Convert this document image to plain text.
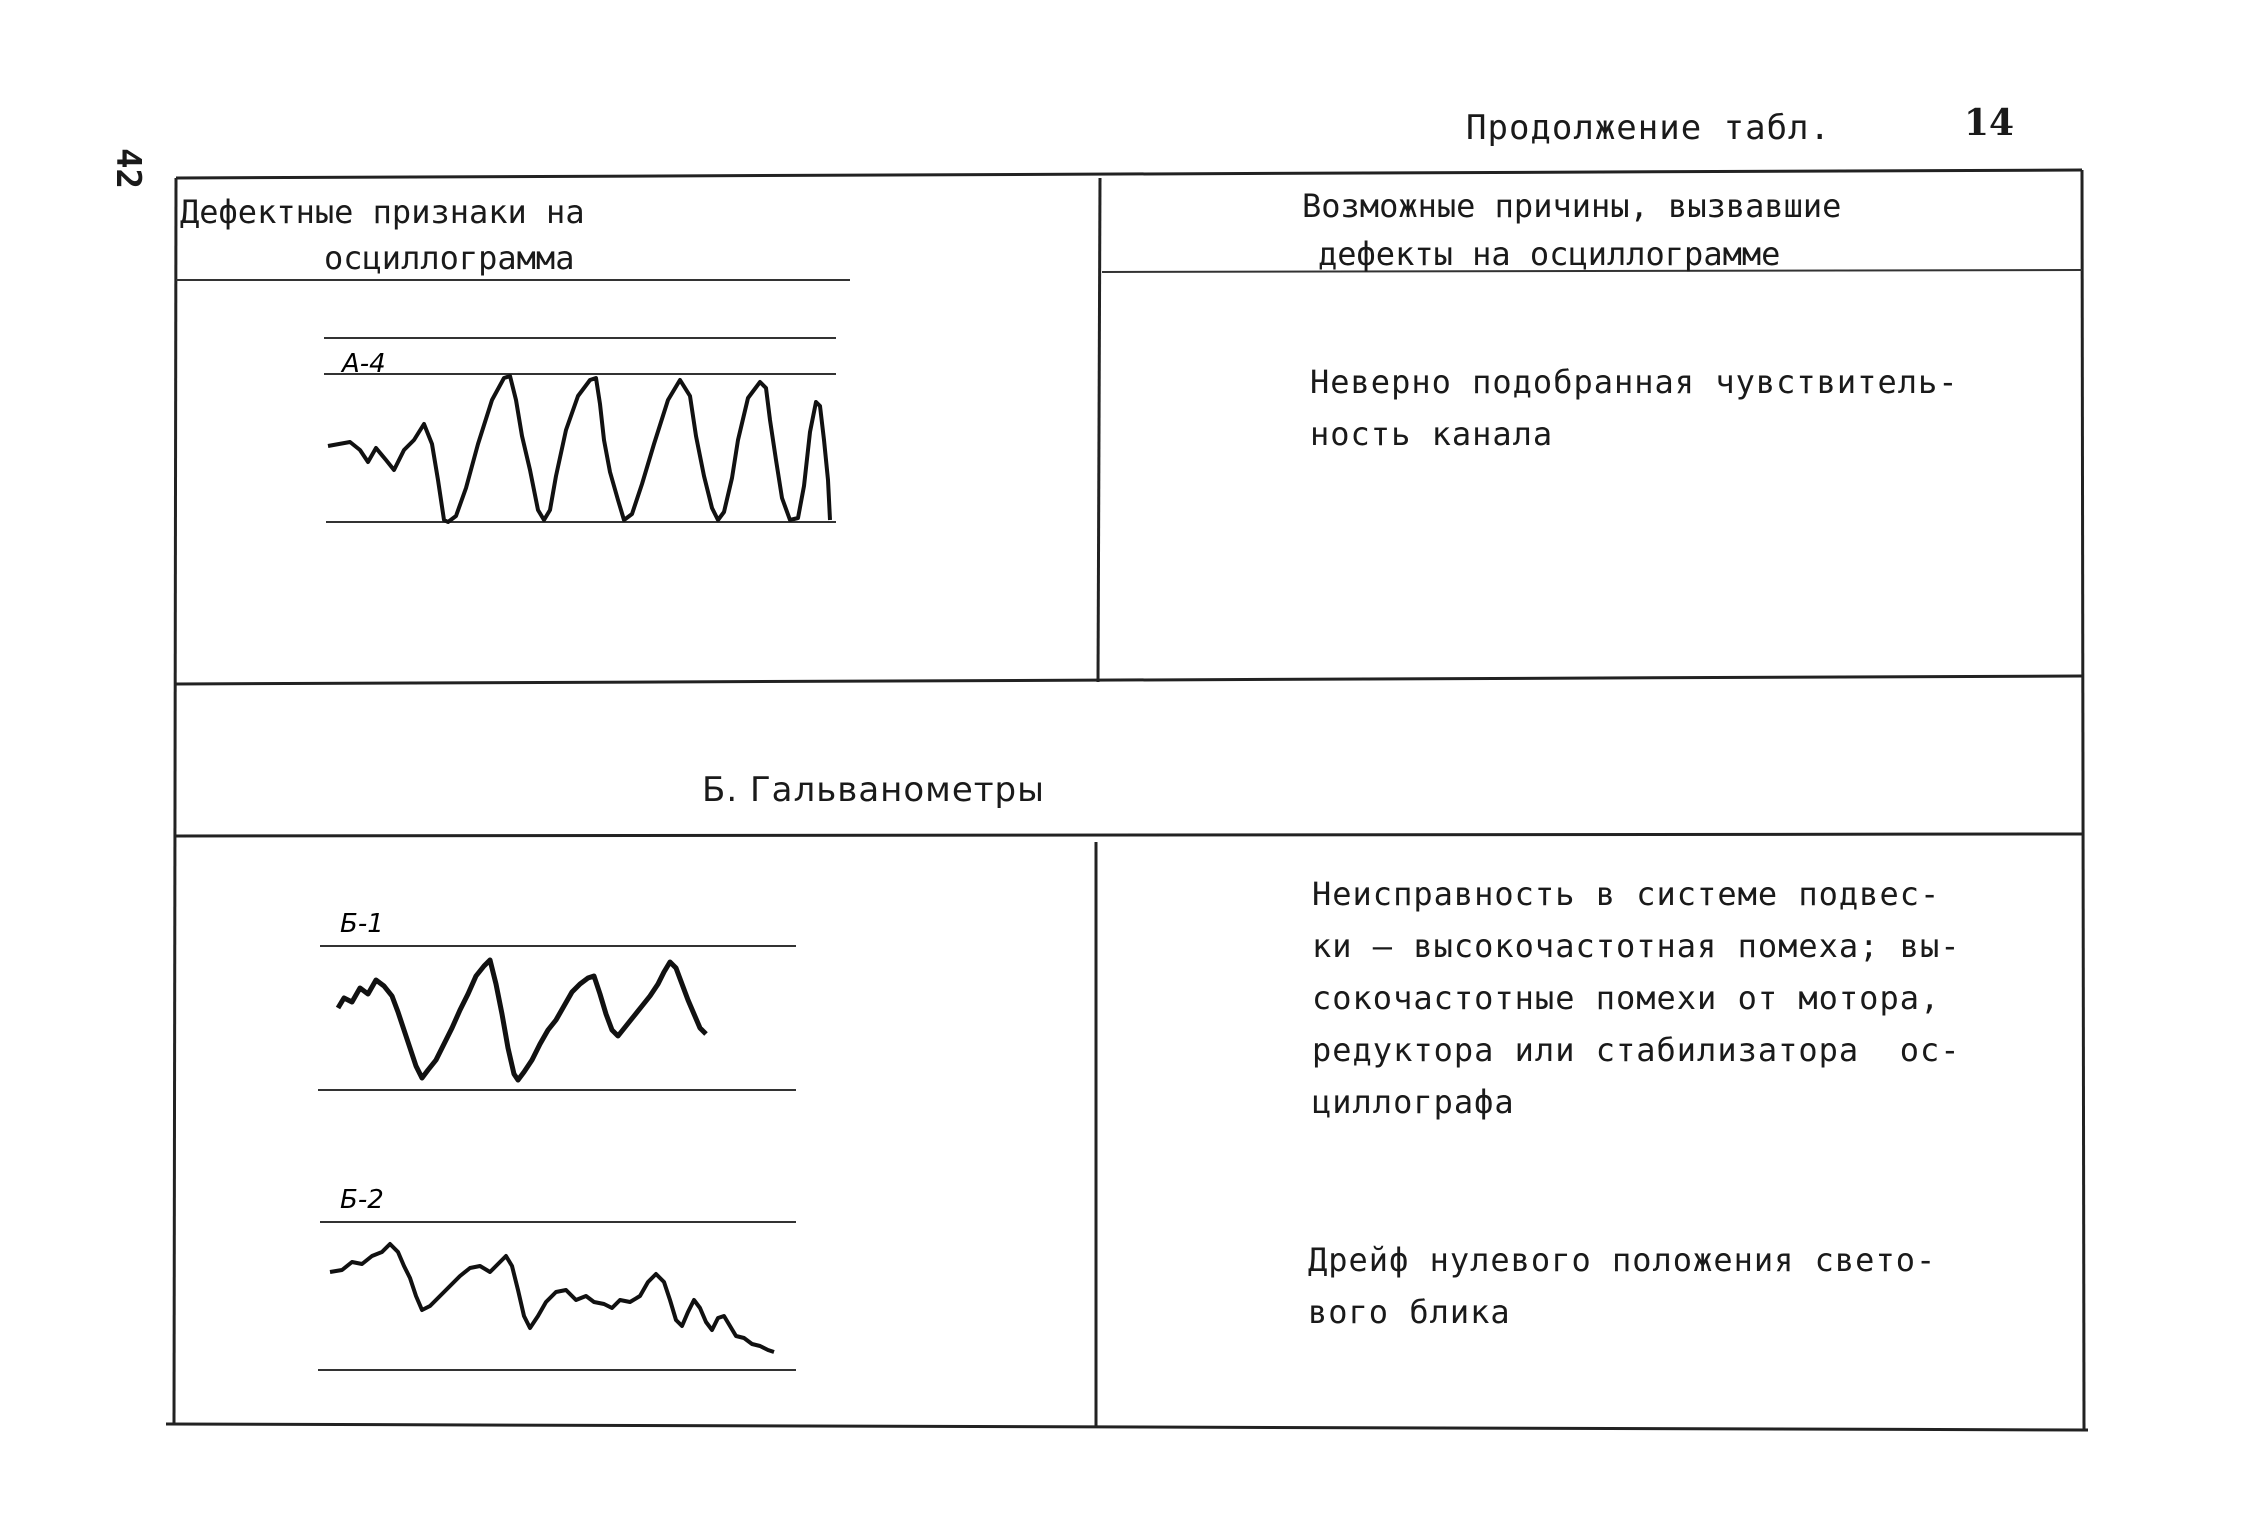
42
Продолжение табл.	14
А-4
Б-1
Б-2
Дефектные признаки на
осциллограмма
Возможные причины, вызвавшие
дефекты на осциллограмме
Неверно подобранная чувствитель-
ность канала
Б. Гальванометры
Неисправность в системе подвес-
ки – высокочастотная помеха; вы-
сокочастотные помехи от мотора,
редуктора или стабилизатора  ос-
циллографа
Дрейф нулевого положения свето-
вого блика
